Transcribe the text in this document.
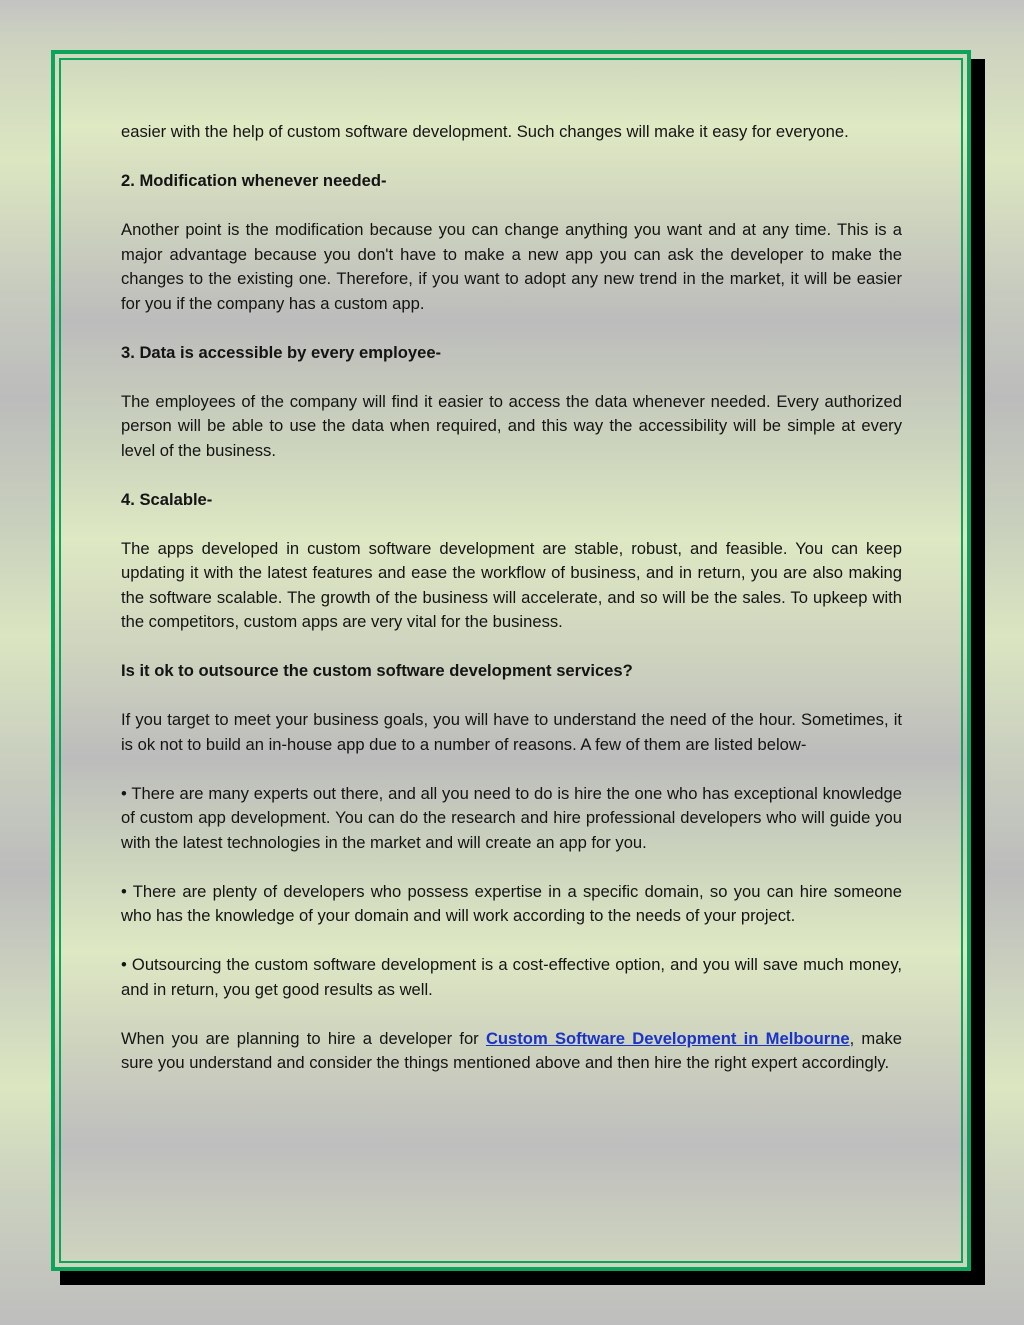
easier with the help of custom software development. Such changes will make it easy for everyone.

2. Modification whenever needed-

Another point is the modification because you can change anything you want and at any time. This is a major advantage because you don't have to make a new app you can ask the developer to make the changes to the existing one. Therefore, if you want to adopt any new trend in the market, it will be easier for you if the company has a custom app.

3. Data is accessible by every employee-

The employees of the company will find it easier to access the data whenever needed. Every authorized person will be able to use the data when required, and this way the accessibility will be simple at every level of the business.

4. Scalable-

The apps developed in custom software development are stable, robust, and feasible. You can keep updating it with the latest features and ease the workflow of business, and in return, you are also making the software scalable. The growth of the business will accelerate, and so will be the sales. To upkeep with the competitors, custom apps are very vital for the business.

Is it ok to outsource the custom software development services?

If you target to meet your business goals, you will have to understand the need of the hour. Sometimes, it is ok not to build an in-house app due to a number of reasons. A few of them are listed below-

• There are many experts out there, and all you need to do is hire the one who has exceptional knowledge of custom app development. You can do the research and hire professional developers who will guide you with the latest technologies in the market and will create an app for you.

• There are plenty of developers who possess expertise in a specific domain, so you can hire someone who has the knowledge of your domain and will work according to the needs of your project.

• Outsourcing the custom software development is a cost-effective option, and you will save much money, and in return, you get good results as well.

When you are planning to hire a developer for Custom Software Development in Melbourne, make sure you understand and consider the things mentioned above and then hire the right expert accordingly.
